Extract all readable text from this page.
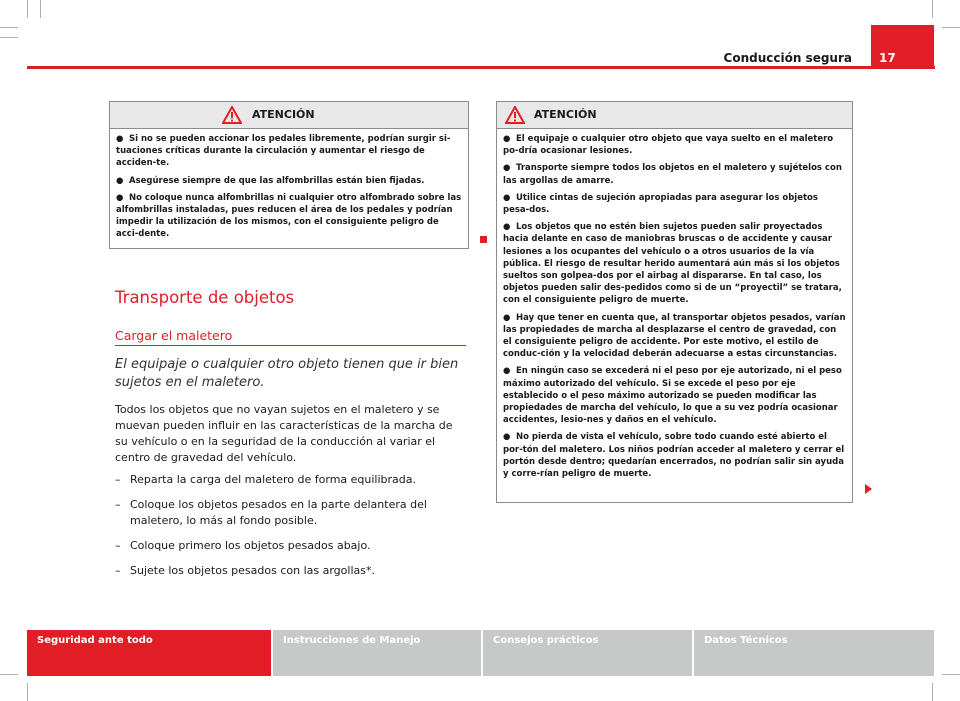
Conducción segura 17
ATENCIÓN

● Si no se pueden accionar los pedales libremente, podrían surgir si-tuaciones críticas durante la circulación y aumentar el riesgo de acciden-te.

● Asegúrese siempre de que las alfombrillas están bien fijadas.

● No coloque nunca alfombrillas ni cualquier otro alfombrado sobre las alfombrillas instaladas, pues reducen el área de los pedales y podrían impedir la utilización de los mismos, con el consiguiente peligro de acci-dente.

Transporte de objetos
Cargar el maletero
El equipaje o cualquier otro objeto tienen que ir bien sujetos en el maletero.
Todos los objetos que no vayan sujetos en el maletero y se muevan pueden influir en las características de la marcha de su vehículo o en la seguridad de la conducción al variar el centro de gravedad del vehículo.
– Reparta la carga del maletero de forma equilibrada.
– Coloque los objetos pesados en la parte delantera del maletero, lo más al fondo posible.
– Coloque primero los objetos pesados abajo.
– Sujete los objetos pesados con las argollas*.
ATENCIÓN

● El equipaje o cualquier otro objeto que vaya suelto en el maletero po-dría ocasionar lesiones.

● Transporte siempre todos los objetos en el maletero y sujételos con las argollas de amarre.

● Utilice cintas de sujeción apropiadas para asegurar los objetos pesa-dos.

● Los objetos que no estén bien sujetos pueden salir proyectados hacia delante en caso de maniobras bruscas o de accidente y causar lesiones a los ocupantes del vehículo o a otros usuarios de la vía pública. El riesgo de resultar herido aumentará aún más si los objetos sueltos son golpea-dos por el airbag al dispararse. En tal caso, los objetos pueden salir des-pedidos como si de un “proyectil” se tratara, con el consiguiente peligro de muerte.

● Hay que tener en cuenta que, al transportar objetos pesados, varían las propiedades de marcha al desplazarse el centro de gravedad, con el consiguiente peligro de accidente. Por este motivo, el estilo de conduc-ción y la velocidad deberán adecuarse a estas circunstancias.

● En ningún caso se excederá ni el peso por eje autorizado, ni el peso máximo autorizado del vehículo. Si se excede el peso por eje establecido o el peso máximo autorizado se pueden modificar las propiedades de marcha del vehículo, lo que a su vez podría ocasionar accidentes, lesio-nes y daños en el vehículo.

● No pierda de vista el vehículo, sobre todo cuando esté abierto el por-tón del maletero. Los niños podrían acceder al maletero y cerrar el portón desde dentro; quedarían encerrados, no podrían salir sin ayuda y corre-rían peligro de muerte.

Seguridad ante todo	Instrucciones de Manejo	Consejos prácticos	Datos Técnicos
